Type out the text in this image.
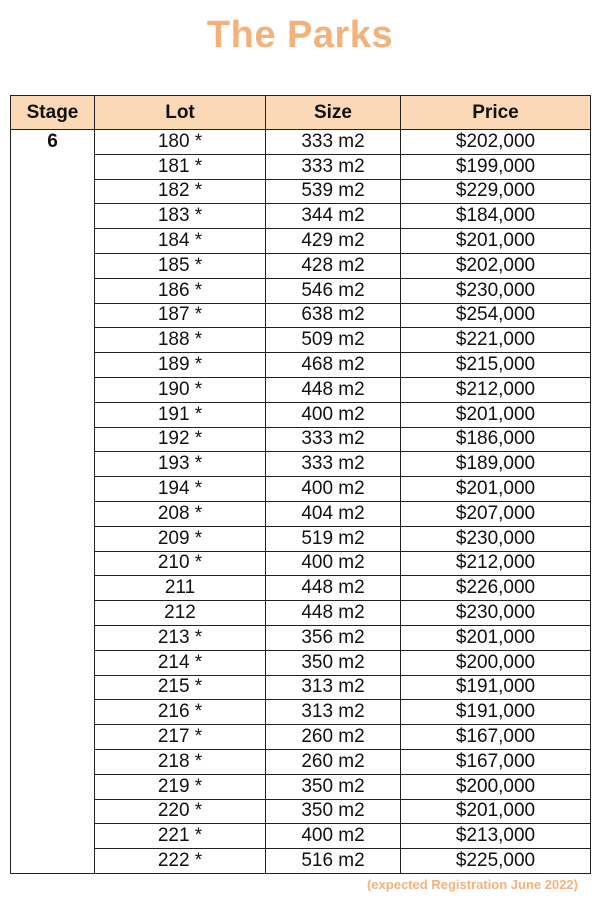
The Parks
Stage	Lot	Size	Price
6	180 *	333 m2	$202,000
	181 *	333 m2	$199,000
	182 *	539 m2	$229,000
	183 *	344 m2	$184,000
	184 *	429 m2	$201,000
	185 *	428 m2	$202,000
	186 *	546 m2	$230,000
	187 *	638 m2	$254,000
	188 *	509 m2	$221,000
	189 *	468 m2	$215,000
	190 *	448 m2	$212,000
	191 *	400 m2	$201,000
	192 *	333 m2	$186,000
	193 *	333 m2	$189,000
	194 *	400 m2	$201,000
	208 *	404 m2	$207,000
	209 *	519 m2	$230,000
	210 *	400 m2	$212,000
	211	448 m2	$226,000
	212	448 m2	$230,000
	213 *	356 m2	$201,000
	214 *	350 m2	$200,000
	215 *	313 m2	$191,000
	216 *	313 m2	$191,000
	217 *	260 m2	$167,000
	218 *	260 m2	$167,000
	219 *	350 m2	$200,000
	220 *	350 m2	$201,000
	221 *	400 m2	$213,000
	222 *	516 m2	$225,000
(expected Registration June 2022)
